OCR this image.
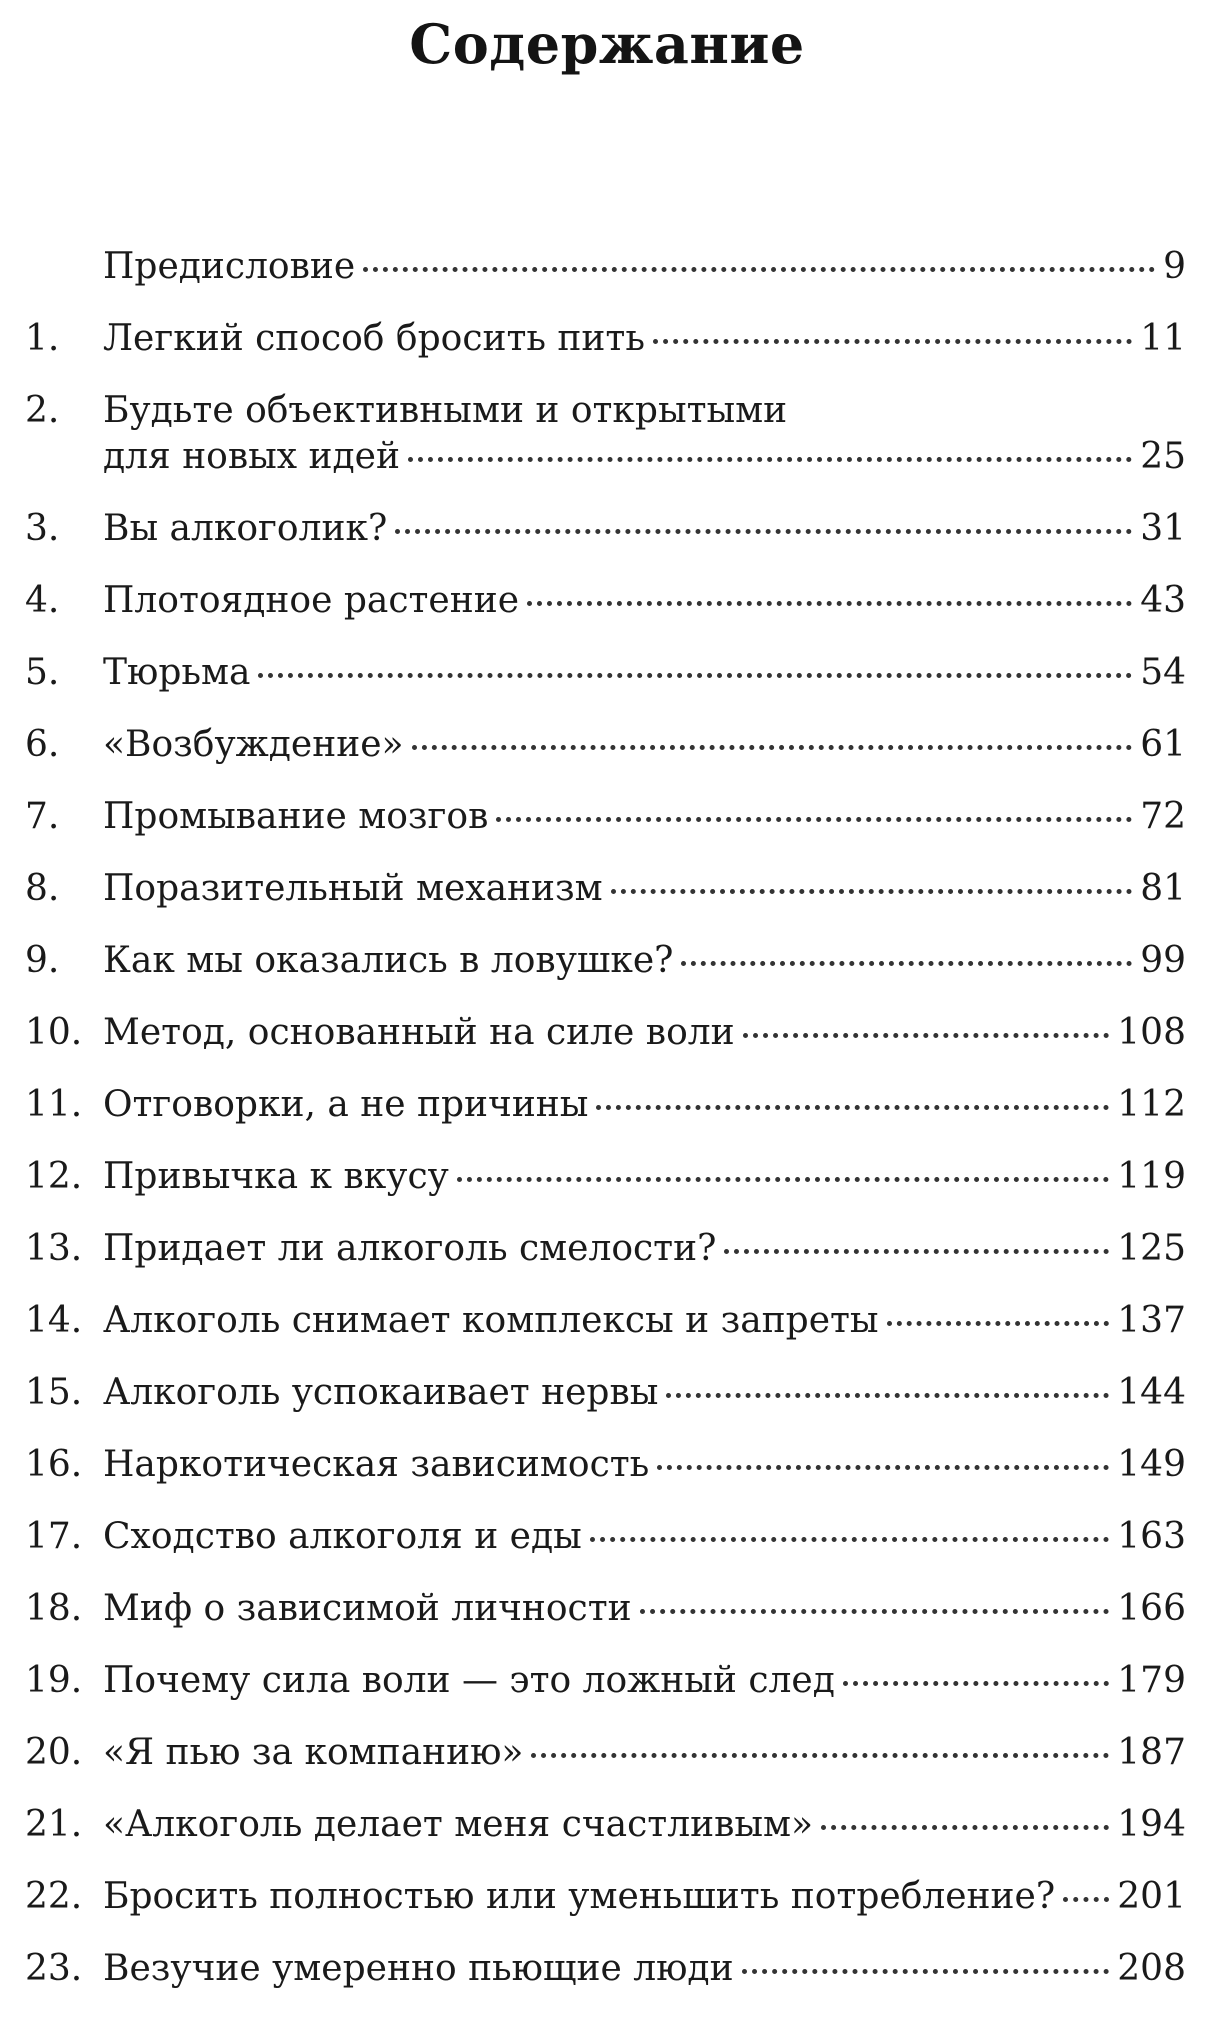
Содержание
Предисловие	9
1. Легкий способ бросить пить	11
2. Будьте объективными и открытыми
для новых идей	25
3. Вы алкоголик?	31
4. Плотоядное растение	43
5. Тюрьма	54
6. «Возбуждение»	61
7. Промывание мозгов	72
8. Поразительный механизм	81
9. Как мы оказались в ловушке?	99
10. Метод, основанный на силе воли	108
11. Отговорки, а не причины	112
12. Привычка к вкусу	119
13. Придает ли алкоголь смелости?	125
14. Алкоголь снимает комплексы и запреты	137
15. Алкоголь успокаивает нервы	144
16. Наркотическая зависимость	149
17. Сходство алкоголя и еды	163
18. Миф о зависимой личности	166
19. Почему сила воли — это ложный след	179
20. «Я пью за компанию»	187
21. «Алкоголь делает меня счастливым»	194
22. Бросить полностью или уменьшить потребление? 201
23. Везучие умеренно пьющие люди	208
